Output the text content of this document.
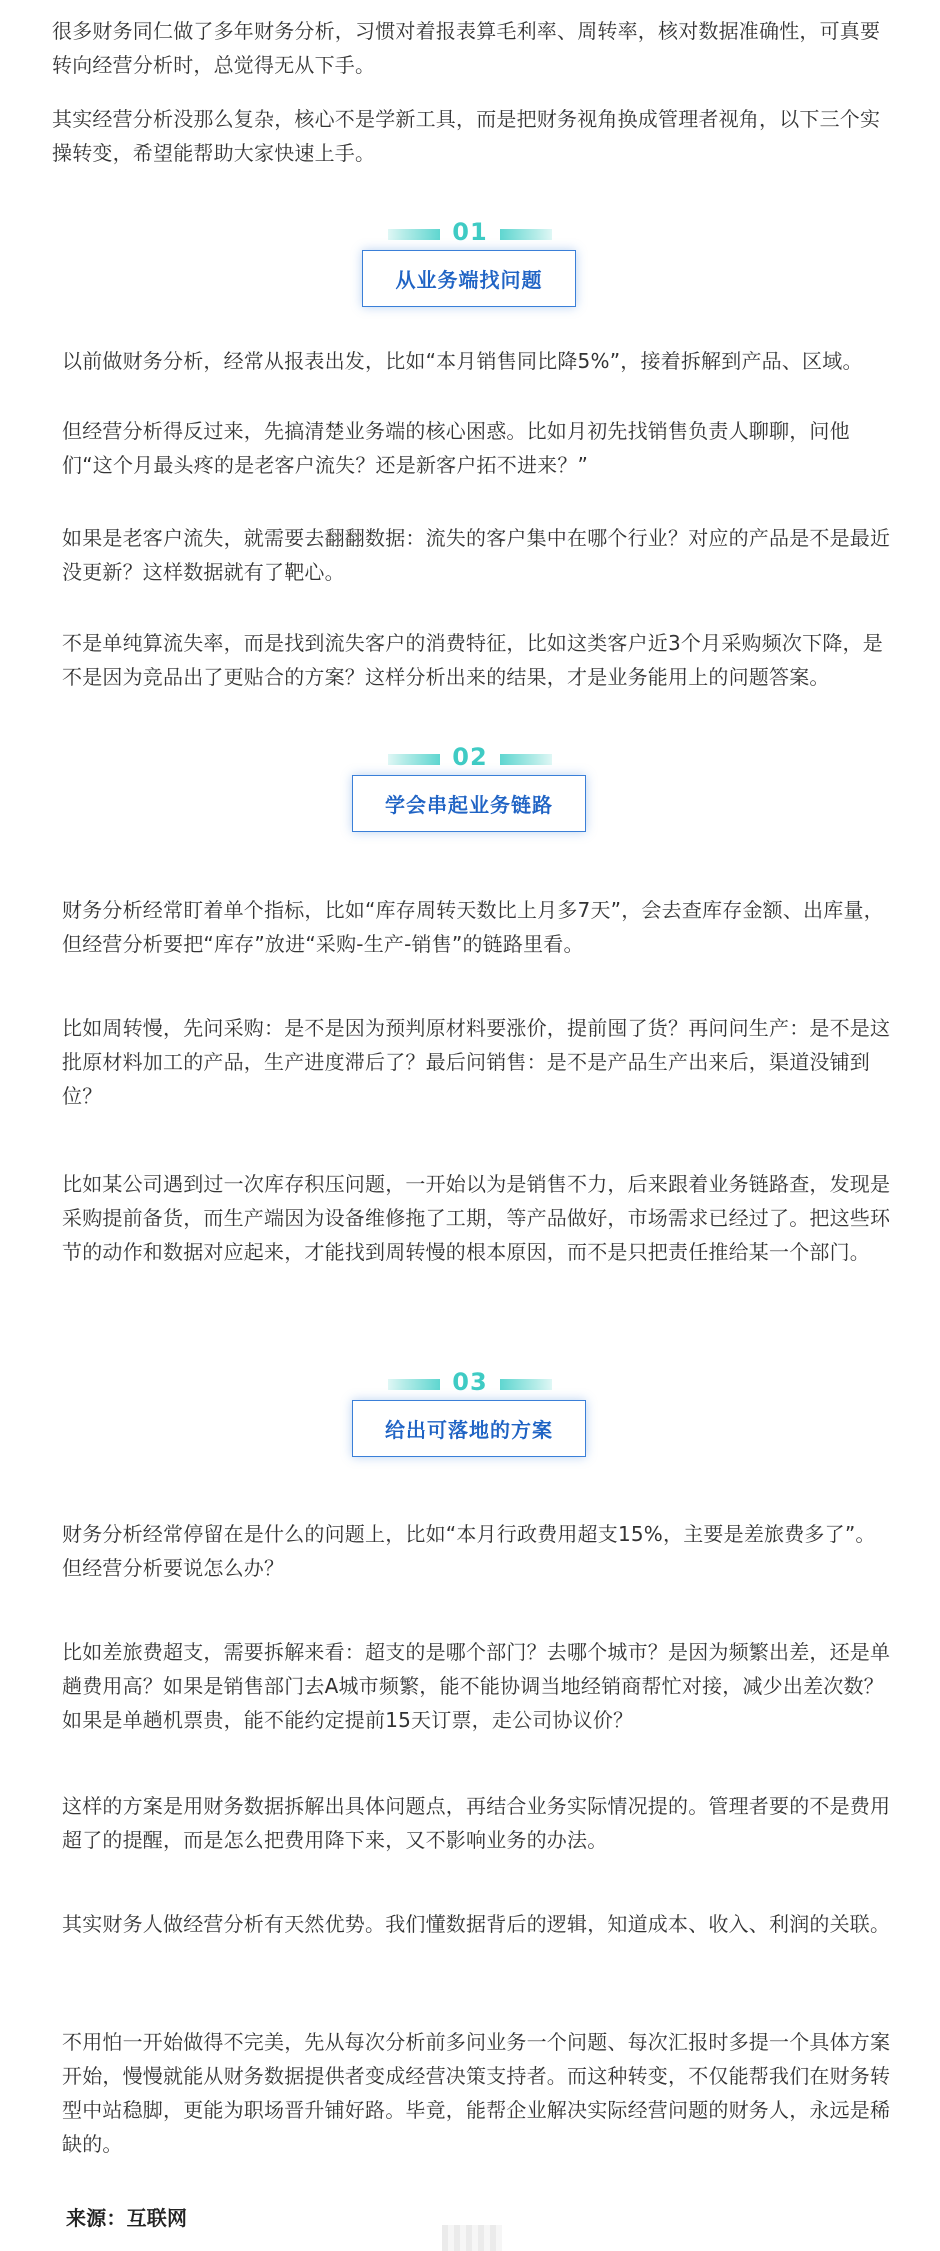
很多财务同仁做了多年财务分析，习惯对着报表算毛利率、周转率，核对数据准确性，可真要转向经营分析时，总觉得无从下手。

其实经营分析没那么复杂，核心不是学新工具，而是把财务视角换成管理者视角，以下三个实操转变，希望能帮助大家快速上手。

01
从业务端找问题

以前做财务分析，经常从报表出发，比如“本月销售同比降5%”，接着拆解到产品、区域。

但经营分析得反过来，先搞清楚业务端的核心困惑。比如月初先找销售负责人聊聊，问他们“这个月最头疼的是老客户流失？还是新客户拓不进来？”

如果是老客户流失，就需要去翻翻数据：流失的客户集中在哪个行业？对应的产品是不是最近没更新？这样数据就有了靶心。

不是单纯算流失率，而是找到流失客户的消费特征，比如这类客户近3个月采购频次下降，是不是因为竞品出了更贴合的方案？这样分析出来的结果，才是业务能用上的问题答案。

02
学会串起业务链路

财务分析经常盯着单个指标，比如“库存周转天数比上月多7天”，会去查库存金额、出库量，但经营分析要把“库存”放进“采购-生产-销售”的链路里看。

比如周转慢，先问采购：是不是因为预判原材料要涨价，提前囤了货？再问问生产：是不是这批原材料加工的产品，生产进度滞后了？最后问销售：是不是产品生产出来后，渠道没铺到位？

比如某公司遇到过一次库存积压问题，一开始以为是销售不力，后来跟着业务链路查，发现是采购提前备货，而生产端因为设备维修拖了工期，等产品做好，市场需求已经过了。把这些环节的动作和数据对应起来，才能找到周转慢的根本原因，而不是只把责任推给某一个部门。

03
给出可落地的方案

财务分析经常停留在是什么的问题上，比如“本月行政费用超支15%，主要是差旅费多了”。但经营分析要说怎么办？

比如差旅费超支，需要拆解来看：超支的是哪个部门？去哪个城市？是因为频繁出差，还是单趟费用高？如果是销售部门去A城市频繁，能不能协调当地经销商帮忙对接，减少出差次数？如果是单趟机票贵，能不能约定提前15天订票，走公司协议价？

这样的方案是用财务数据拆解出具体问题点，再结合业务实际情况提的。管理者要的不是费用超了的提醒，而是怎么把费用降下来，又不影响业务的办法。

其实财务人做经营分析有天然优势。我们懂数据背后的逻辑，知道成本、收入、利润的关联。

不用怕一开始做得不完美，先从每次分析前多问业务一个问题、每次汇报时多提一个具体方案开始，慢慢就能从财务数据提供者变成经营决策支持者。而这种转变，不仅能帮我们在财务转型中站稳脚，更能为职场晋升铺好路。毕竟，能帮企业解决实际经营问题的财务人，永远是稀缺的。

来源：互联网
